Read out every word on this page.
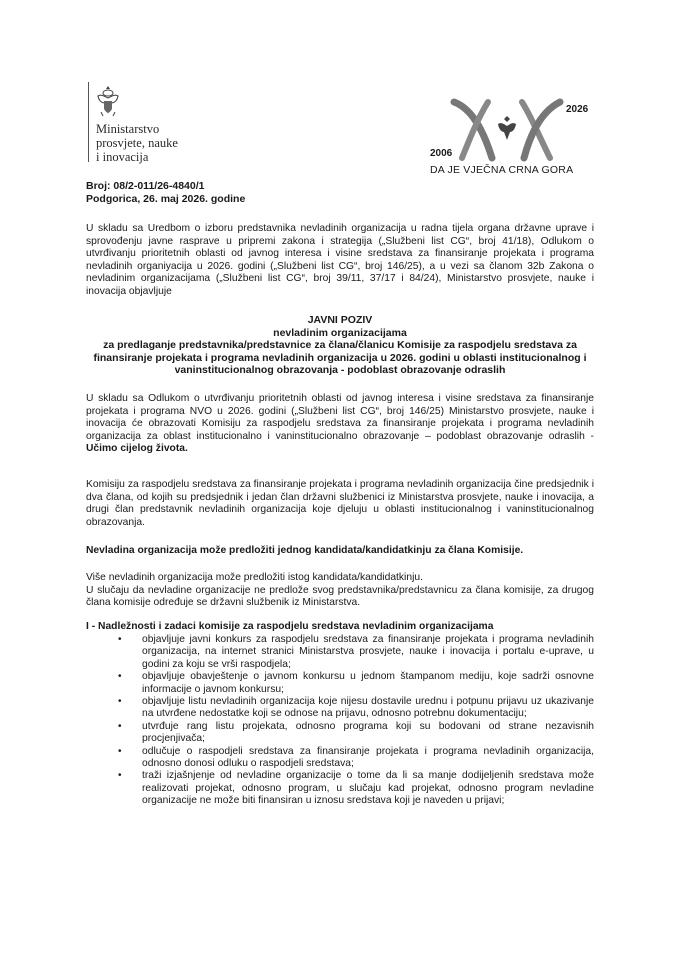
Ministarstvo
prosvjete, nauke
i inovacija
2026
2006
DA JE VJEČNA CRNA GORA
Broj: 08/2-011/26-4840/1
Podgorica, 26. maj 2026. godine
U skladu sa Uredbom o izboru predstavnika nevladinih organizacija u radna tijela organa državne uprave i sprovođenju javne rasprave u pripremi zakona i strategija („Službeni list CG“, broj 41/18), Odlukom o utvrđivanju prioritetnih oblasti od javnog interesa i visine sredstava za finansiranje projekata i programa nevladinih organiyacija u 2026. godini („Službeni list CG“, broj 146/25), a u vezi sa članom 32b Zakona o nevladinim organizacijama („Službeni list CG“, broj 39/11, 37/17 i 84/24), Ministarstvo prosvjete, nauke i inovacija objavljuje
JAVNI POZIV
nevladinim organizacijama
za predlaganje predstavnika/predstavnice za člana/članicu Komisije za raspodjelu sredstava za finansiranje projekata i programa nevladinih organizacija u 2026. godini u oblasti institucionalnog i vaninstitucionalnog obrazovanja - podoblast obrazovanje odraslih
U skladu sa Odlukom o utvrđivanju prioritetnih oblasti od javnog interesa i visine sredstava za finansiranje projekata i programa NVO u 2026. godini („Službeni list CG“, broj 146/25) Ministarstvo prosvjete, nauke i inovacija će obrazovati Komisiju za raspodjelu sredstava za finansiranje projekata i programa nevladinih organizacija za oblast institucionalno i vaninstitucionalno obrazovanje – podoblast obrazovanje odraslih - Učimo cijelog života.
Komisiju za raspodjelu sredstava za finansiranje projekata i programa nevladinih organizacija čine predsjednik i dva člana, od kojih su predsjednik i jedan član državni službenici iz Ministarstva prosvjete, nauke i inovacija, a drugi član predstavnik nevladinih organizacija koje djeluju u oblasti institucionalnog i vaninstitucionalnog obrazovanja.
Nevladina organizacija može predložiti jednog kandidata/kandidatkinju za člana Komisije.
Više nevladinih organizacija može predložiti istog kandidata/kandidatkinju.
U slučaju da nevladine organizacije ne predlože svog predstavnika/predstavnicu za člana komisije, za drugog člana komisije određuje se državni službenik iz Ministarstva.
I - Nadležnosti i zadaci komisije za raspodjelu sredstava nevladinim organizacijama
• objavljuje javni konkurs za raspodjelu sredstava za finansiranje projekata i programa nevladinih organizacija, na internet stranici Ministarstva prosvjete, nauke i inovacija i portalu e-uprave, u godini za koju se vrši raspodjela;
• objavljuje obavještenje o javnom konkursu u jednom štampanom mediju, koje sadrži osnovne informacije o javnom konkursu;
• objavljuje listu nevladinih organizacija koje nijesu dostavile urednu i potpunu prijavu uz ukazivanje na utvrđene nedostatke koji se odnose na prijavu, odnosno potrebnu dokumentaciju;
• utvrđuje rang listu projekata, odnosno programa koji su bodovani od strane nezavisnih procjenjivača;
• odlučuje o raspodjeli sredstava za finansiranje projekata i programa nevladinih organizacija, odnosno donosi odluku o raspodjeli sredstava;
• traži izjašnjenje od nevladine organizacije o tome da li sa manje dodijeljenih sredstava može realizovati projekat, odnosno program, u slučaju kad projekat, odnosno program nevladine organizacije ne može biti finansiran u iznosu sredstava koji je naveden u prijavi;
